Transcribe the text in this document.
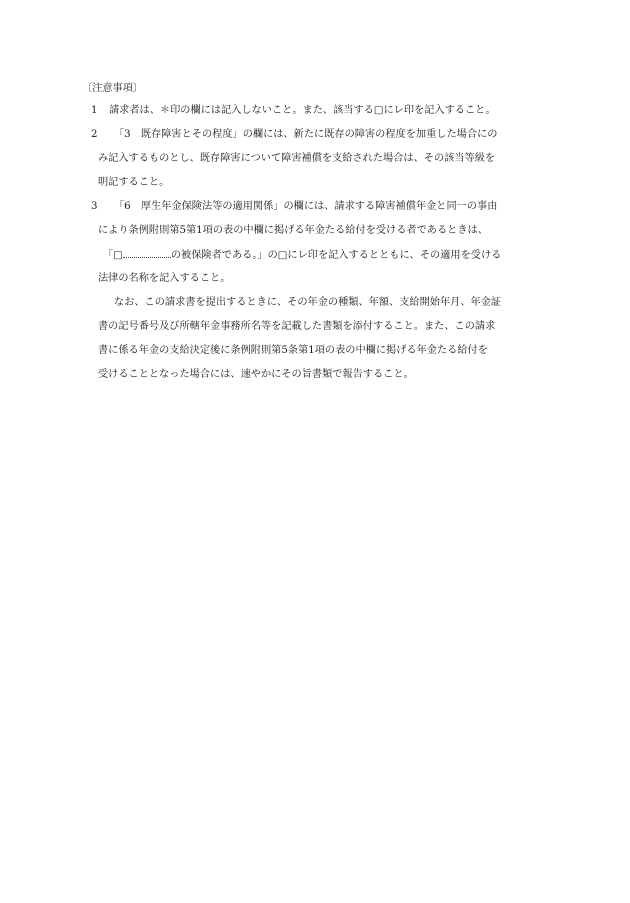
〔注意事項〕
1 請求者は、＊印の欄には記入しないこと。また、該当する□にレ印を記入すること。
2 「3　既存障害とその程度」の欄には、新たに既存の障害の程度を加重した場合にの
み記入するものとし、既存障害について障害補償を支給された場合は、その該当等級を
明記すること。
3 「6　厚生年金保険法等の適用関係」の欄には、請求する障害補償年金と同一の事由
により条例附則第5第1項の表の中欄に掲げる年金たる給付を受ける者であるときは、
「□	の被保険者である。」の□にレ印を記入するとともに、その適用を受ける
法律の名称を記入すること。
なお、この請求書を提出するときに、その年金の種類、年額、支給開始年月、年金証
書の記号番号及び所轄年金事務所名等を記載した書類を添付すること。また、この請求
書に係る年金の支給決定後に条例附則第5条第1項の表の中欄に掲げる年金たる給付を
受けることとなった場合には、速やかにその旨書類で報告すること。
